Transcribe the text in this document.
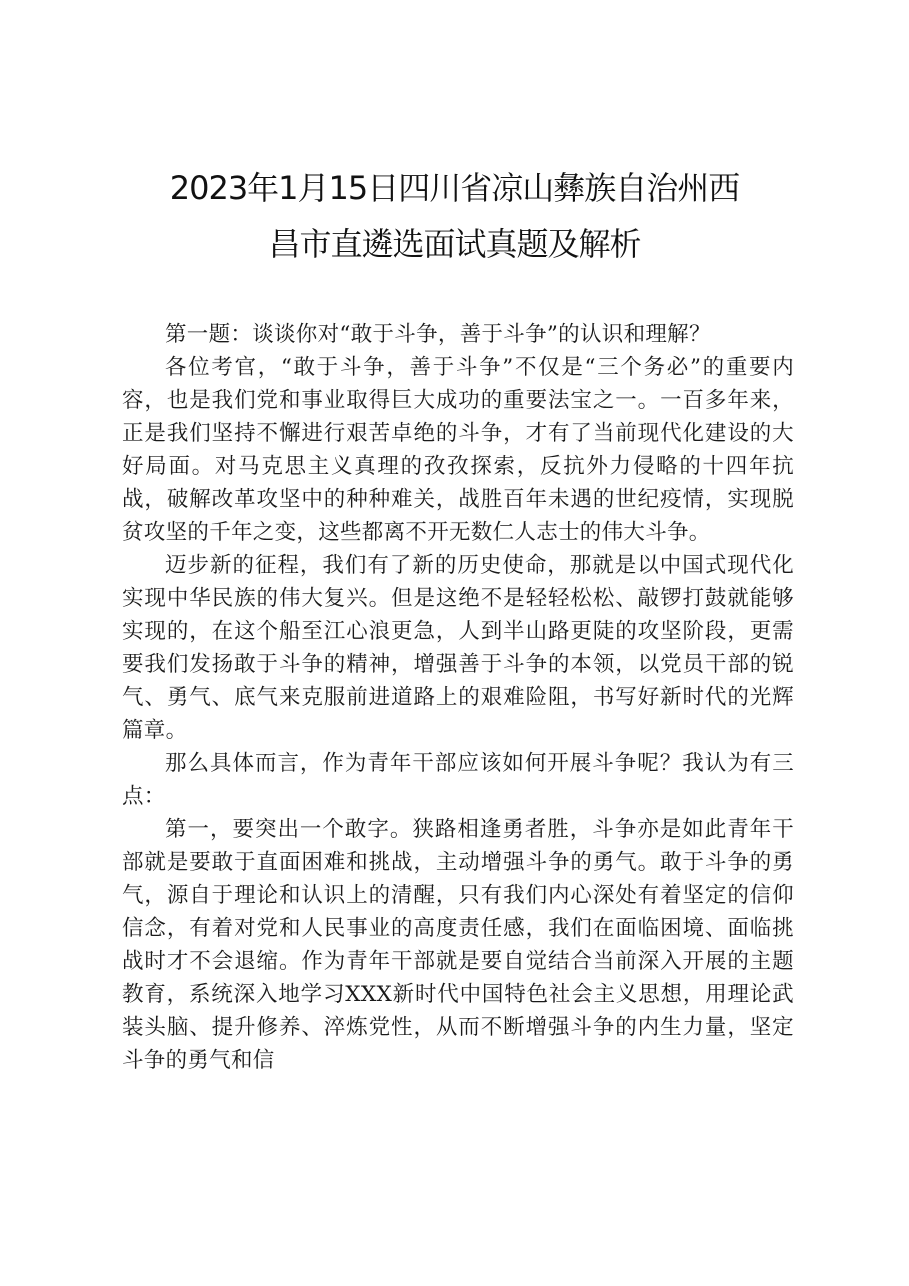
2023年1月15日四川省凉山彝族自治州西
昌市直遴选面试真题及解析

第一题：谈谈你对“敢于斗争，善于斗争”的认识和理解？

各位考官，“敢于斗争，善于斗争”不仅是“三个务必”的重要内容，也是我们党和事业取得巨大成功的重要法宝之一。一百多年来，正是我们坚持不懈进行艰苦卓绝的斗争，才有了当前现代化建设的大好局面。对马克思主义真理的孜孜探索，反抗外力侵略的十四年抗战，破解改革攻坚中的种种难关，战胜百年未遇的世纪疫情，实现脱贫攻坚的千年之变，这些都离不开无数仁人志士的伟大斗争。

迈步新的征程，我们有了新的历史使命，那就是以中国式现代化实现中华民族的伟大复兴。但是这绝不是轻轻松松、敲锣打鼓就能够实现的，在这个船至江心浪更急，人到半山路更陡的攻坚阶段，更需要我们发扬敢于斗争的精神，增强善于斗争的本领，以党员干部的锐气、勇气、底气来克服前进道路上的艰难险阻，书写好新时代的光辉篇章。

那么具体而言，作为青年干部应该如何开展斗争呢？我认为有三点：

第一，要突出一个敢字。狭路相逢勇者胜，斗争亦是如此青年干部就是要敢于直面困难和挑战，主动增强斗争的勇气。敢于斗争的勇气，源自于理论和认识上的清醒，只有我们内心深处有着坚定的信仰信念，有着对党和人民事业的高度责任感，我们在面临困境、面临挑战时才不会退缩。作为青年干部就是要自觉结合当前深入开展的主题教育，系统深入地学习XXX新时代中国特色社会主义思想，用理论武装头脑、提升修养、淬炼党性，从而不断增强斗争的内生力量，坚定斗争的勇气和信
